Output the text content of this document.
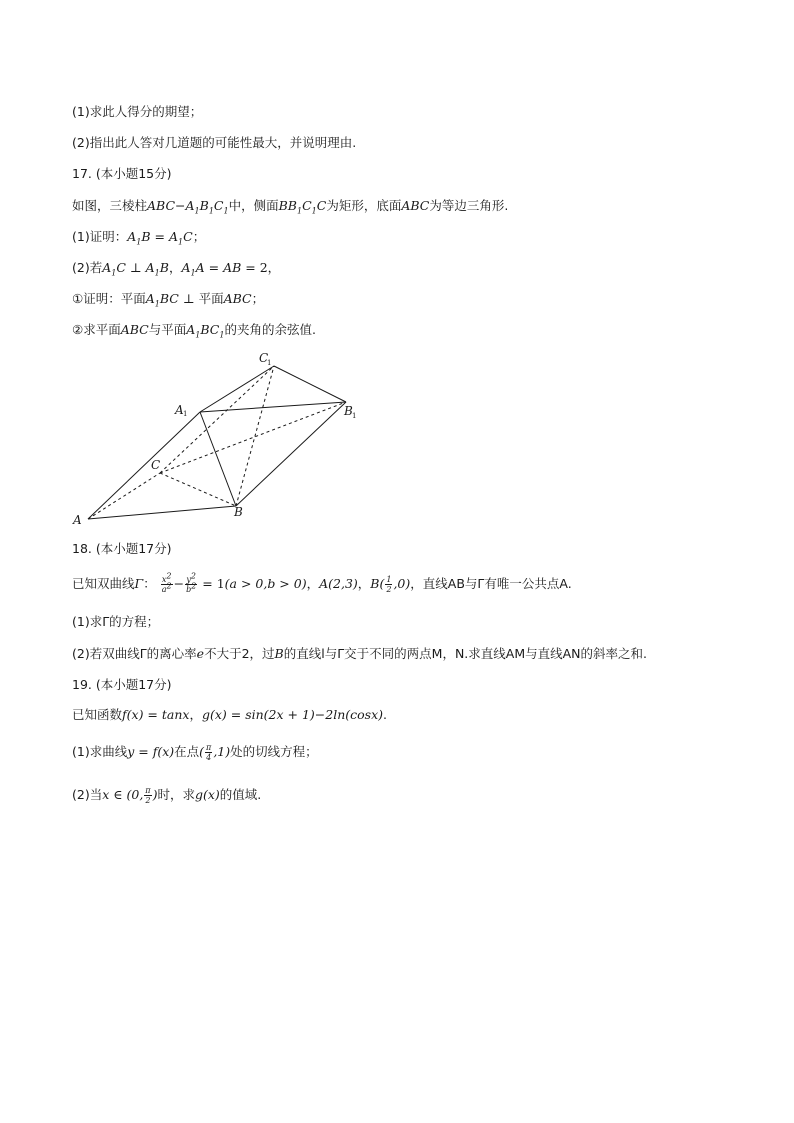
(1)求此人得分的期望；
(2)指出此人答对几道题的可能性最大，并说明理由.
17. (本小题15分)
如图，三棱柱$ABC-A_1B_1C_1$中，侧面$BB_1C_1C$为矩形，底面ABC为等边三角形.
(1)证明：$A_1B = A_1C$；
(2)若$A_1C$ ⊥ $A_1B$，$A_1A$ = AB = 2，
①证明：平面$A_1BC$ ⊥ 平面ABC；
②求平面ABC与平面$A_1BC_1$的夹角的余弦值.
A
B
C
A 1	B 1
C
1
18. (本小题17分)
已知双曲线Γ： $\frac{x^2}{a^2} - \frac{y^2}{b^2} = 1(a > 0,b > 0)$，A(2,3)，$B( \frac{1}{2} ,0)$，直线AB与Γ有唯一公共点A.
(1)求Γ的方程；
(2)若双曲线Γ的离心率e不大于2，过B的直线l与Γ交于不同的两点M，N.求直线AM与直线AN的斜率之和.
19. (本小题17分)
已知函数f(x) = tanx，g(x) = sin(2x + 1)−2ln(cosx).
(1)求曲线y = f(x)在点( $\frac{\pi}{4} ,1$)处的切线方程；
(2)当x ∈ (0, $\frac{\pi}{2}$ )时，求g(x)的值域.
